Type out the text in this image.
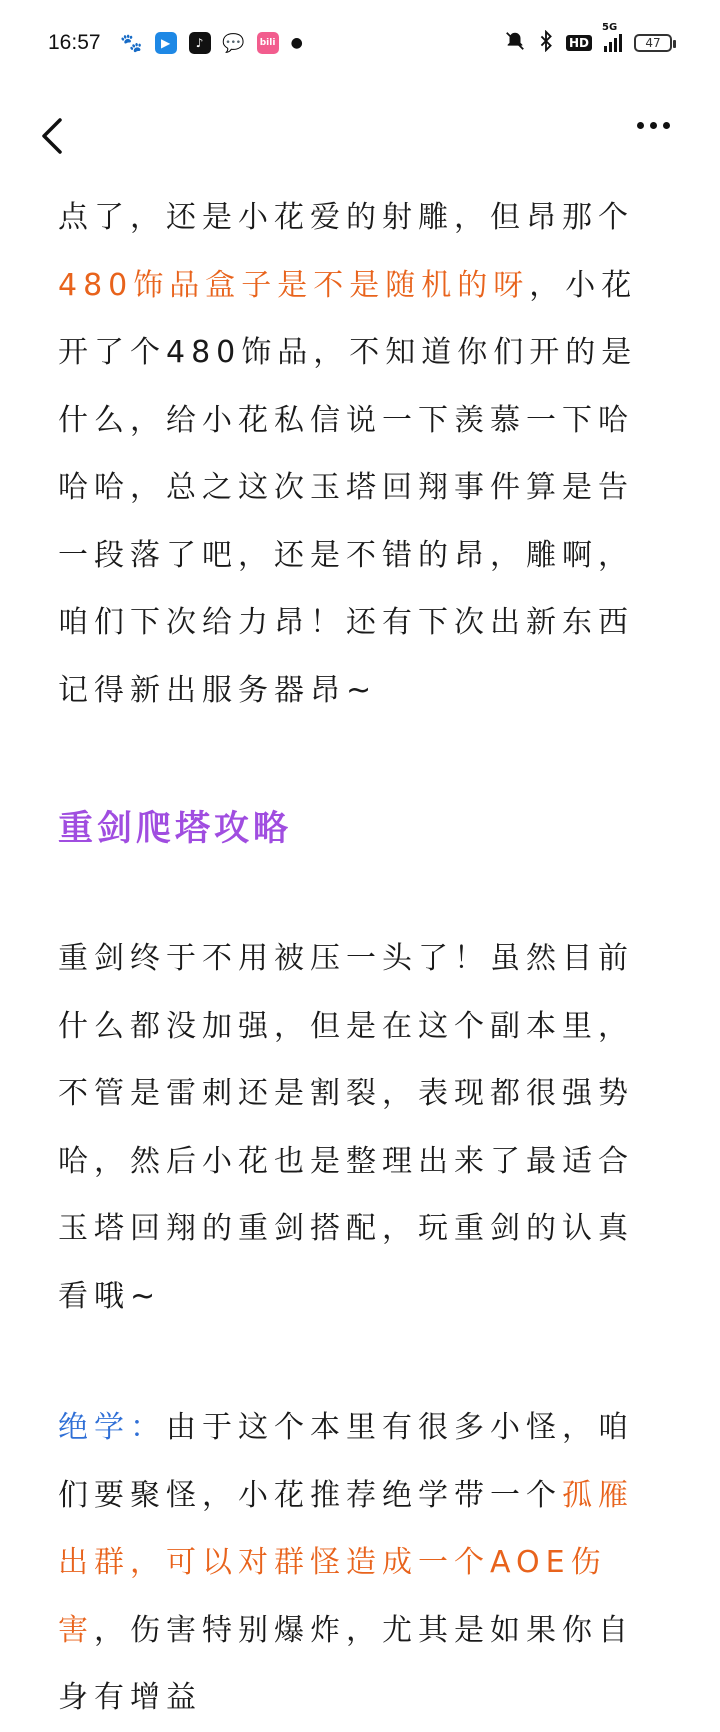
16:57 🐾	▶	♪	💬	bili ●	HD
5G
47

点了，还是小花爱的射雕，但昂那个480饰品盒子是不是随机的呀，小花开了个480饰品，不知道你们开的是什么，给小花私信说一下羡慕一下哈哈哈，总之这次玉塔回翔事件算是告一段落了吧，还是不错的昂，雕啊，咱们下次给力昂！还有下次出新东西记得新出服务器昂~

重剑爬塔攻略

重剑终于不用被压一头了！虽然目前什么都没加强，但是在这个副本里，不管是雷刺还是割裂，表现都很强势哈，然后小花也是整理出来了最适合玉塔回翔的重剑搭配，玩重剑的认真看哦~

绝学：由于这个本里有很多小怪，咱们要聚怪，小花推荐绝学带一个孤雁出群，可以对群怪造成一个AOE伤害，伤害特别爆炸，尤其是如果你自身有增益
